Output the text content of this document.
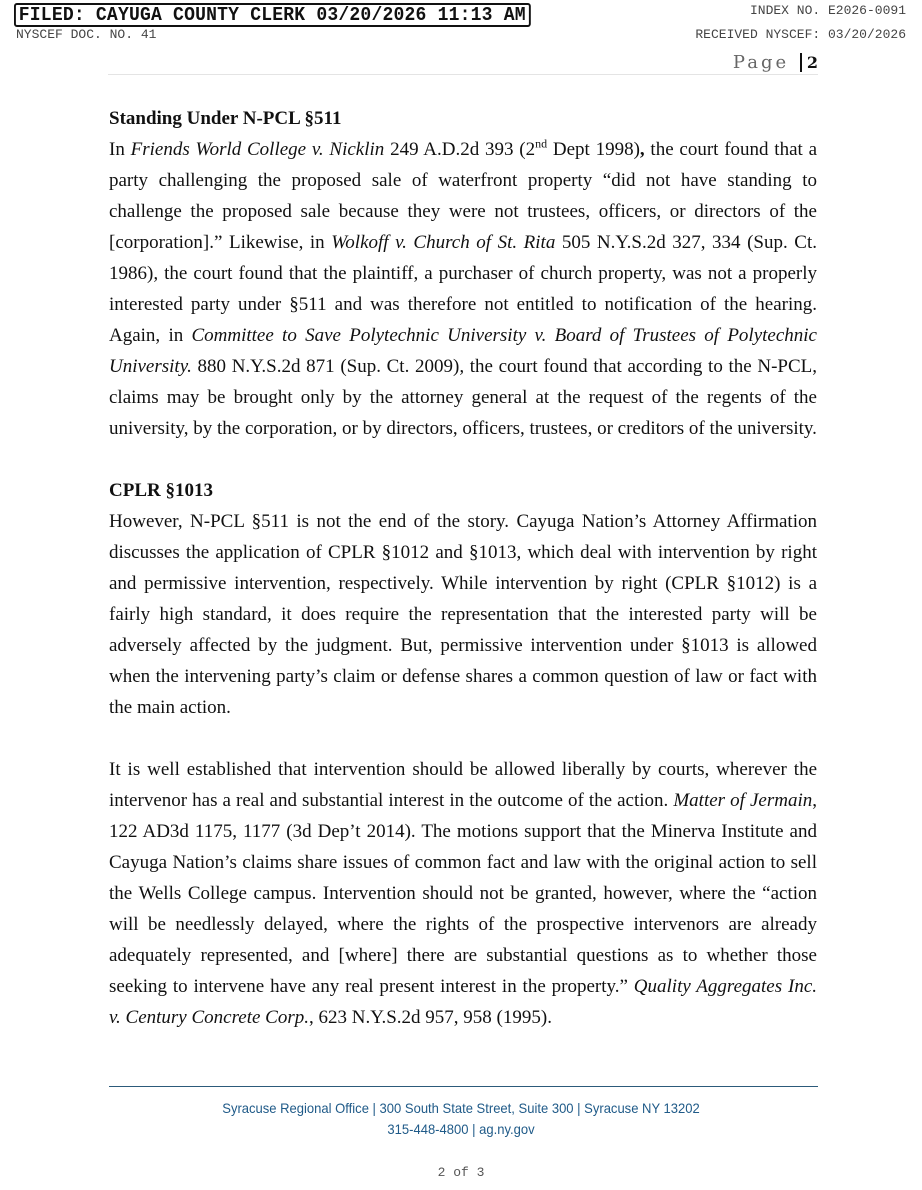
FILED: CAYUGA COUNTY CLERK 03/20/2026 11:13 AM
NYSCEF DOC. NO. 41
INDEX NO. E2026-0091
RECEIVED NYSCEF: 03/20/2026
Page 2
Standing Under N-PCL §511

In Friends World College v. Nicklin 249 A.D.2d 393 (2nd Dept 1998), the court found that a party challenging the proposed sale of waterfront property “did not have standing to challenge the proposed sale because they were not trustees, officers, or directors of the [corporation].” Likewise, in Wolkoff v. Church of St. Rita 505 N.Y.S.2d 327, 334 (Sup. Ct. 1986), the court found that the plaintiff, a purchaser of church property, was not a properly interested party under §511 and was therefore not entitled to notification of the hearing. Again, in Committee to Save Polytechnic University v. Board of Trustees of Polytechnic University. 880 N.Y.S.2d 871 (Sup. Ct. 2009), the court found that according to the N-PCL, claims may be brought only by the attorney general at the request of the regents of the university, by the corporation, or by directors, officers, trustees, or creditors of the university.

CPLR §1013

However, N-PCL §511 is not the end of the story. Cayuga Nation’s Attorney Affirmation discusses the application of CPLR §1012 and §1013, which deal with intervention by right and permissive intervention, respectively. While intervention by right (CPLR §1012) is a fairly high standard, it does require the representation that the interested party will be adversely affected by the judgment. But, permissive intervention under §1013 is allowed when the intervening party’s claim or defense shares a common question of law or fact with the main action.

It is well established that intervention should be allowed liberally by courts, wherever the intervenor has a real and substantial interest in the outcome of the action. Matter of Jermain, 122 AD3d 1175, 1177 (3d Dep’t 2014). The motions support that the Minerva Institute and Cayuga Nation’s claims share issues of common fact and law with the original action to sell the Wells College campus. Intervention should not be granted, however, where the “action will be needlessly delayed, where the rights of the prospective intervenors are already adequately represented, and [where] there are substantial questions as to whether those seeking to intervene have any real present interest in the property.” Quality Aggregates Inc. v. Century Concrete Corp., 623 N.Y.S.2d 957, 958 (1995).

Syracuse Regional Office | 300 South State Street, Suite 300 | Syracuse NY 13202
315-448-4800 | ag.ny.gov
2 of 3
